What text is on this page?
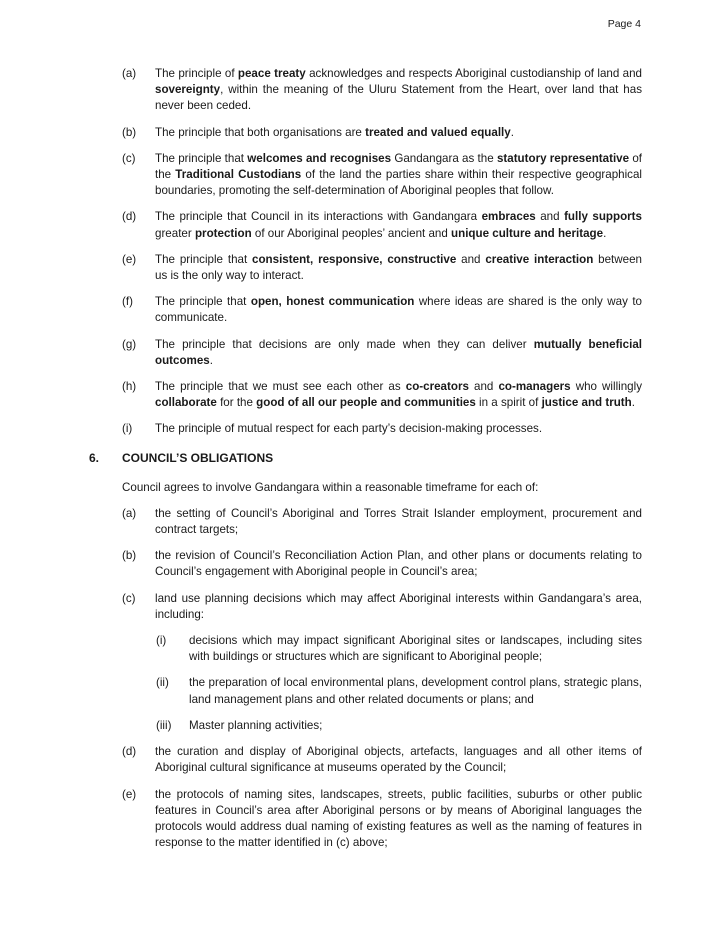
Page 4
(a) The principle of peace treaty acknowledges and respects Aboriginal custodianship of land and sovereignty, within the meaning of the Uluru Statement from the Heart, over land that has never been ceded.
(b) The principle that both organisations are treated and valued equally.
(c) The principle that welcomes and recognises Gandangara as the statutory representative of the Traditional Custodians of the land the parties share within their respective geographical boundaries, promoting the self-determination of Aboriginal peoples that follow.
(d) The principle that Council in its interactions with Gandangara embraces and fully supports greater protection of our Aboriginal peoples’ ancient and unique culture and heritage.
(e) The principle that consistent, responsive, constructive and creative interaction between us is the only way to interact.
(f) The principle that open, honest communication where ideas are shared is the only way to communicate.
(g) The principle that decisions are only made when they can deliver mutually beneficial outcomes.
(h) The principle that we must see each other as co-creators and co-managers who willingly collaborate for the good of all our people and communities in a spirit of justice and truth.
(i) The principle of mutual respect for each party’s decision-making processes.
6. COUNCIL’S OBLIGATIONS
Council agrees to involve Gandangara within a reasonable timeframe for each of:
(a) the setting of Council’s Aboriginal and Torres Strait Islander employment, procurement and contract targets;
(b) the revision of Council’s Reconciliation Action Plan, and other plans or documents relating to Council’s engagement with Aboriginal people in Council’s area;
(c) land use planning decisions which may affect Aboriginal interests within Gandangara’s area, including:
(i) decisions which may impact significant Aboriginal sites or landscapes, including sites with buildings or structures which are significant to Aboriginal people;
(ii) the preparation of local environmental plans, development control plans, strategic plans, land management plans and other related documents or plans; and
(iii) Master planning activities;
(d) the curation and display of Aboriginal objects, artefacts, languages and all other items of Aboriginal cultural significance at museums operated by the Council;
(e) the protocols of naming sites, landscapes, streets, public facilities, suburbs or other public features in Council’s area after Aboriginal persons or by means of Aboriginal languages the protocols would address dual naming of existing features as well as the naming of features in response to the matter identified in (c) above;
